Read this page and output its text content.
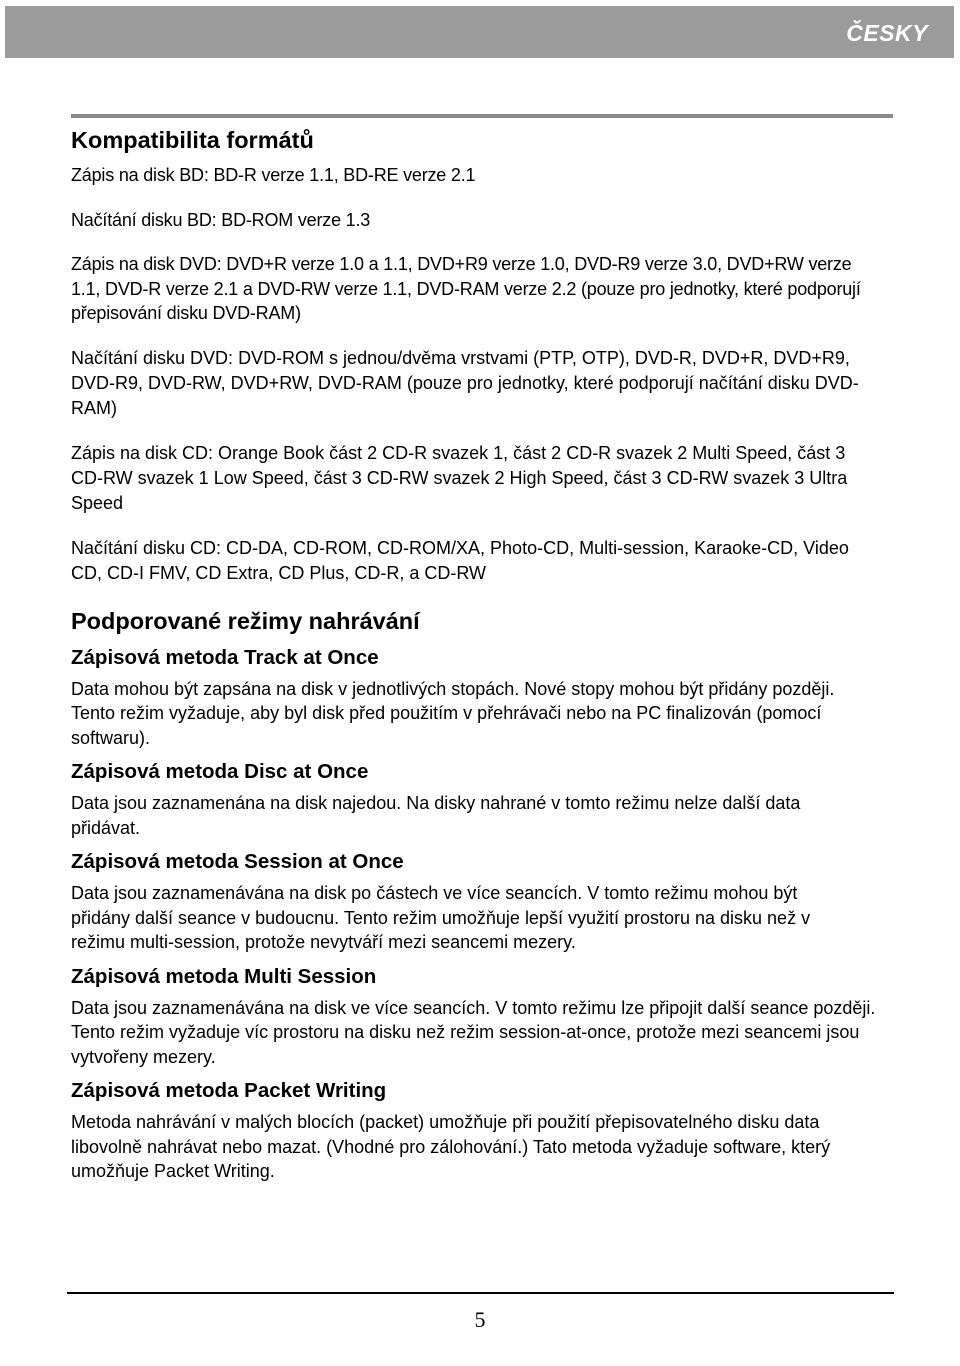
ČESKY
Kompatibilita formátů

Zápis na disk BD: BD-R verze 1.1, BD-RE verze 2.1

Načítání disku BD: BD-ROM verze 1.3

Zápis na disk DVD: DVD+R verze 1.0 a 1.1, DVD+R9 verze 1.0, DVD-R9 verze 3.0, DVD+RW verze 1.1, DVD-R verze 2.1 a DVD-RW verze 1.1, DVD-RAM verze 2.2 (pouze pro jednotky, které podporují přepisování disku DVD-RAM)

Načítání disku DVD: DVD-ROM s jednou/dvěma vrstvami (PTP, OTP), DVD-R, DVD+R, DVD+R9, DVD-R9, DVD-RW, DVD+RW, DVD-RAM (pouze pro jednotky, které podporují načítání disku DVD-RAM)

Zápis na disk CD: Orange Book část 2 CD-R svazek 1, část 2 CD-R svazek 2 Multi Speed, část 3 CD-RW svazek 1 Low Speed, část 3 CD-RW svazek 2 High Speed, část 3 CD-RW svazek 3 Ultra Speed

Načítání disku CD: CD-DA, CD-ROM, CD-ROM/XA, Photo-CD, Multi-session, Karaoke-CD, Video CD, CD-I FMV, CD Extra, CD Plus, CD-R, a CD-RW

Podporované režimy nahrávání
Zápisová metoda Track at Once

Data mohou být zapsána na disk v jednotlivých stopách. Nové stopy mohou být přidány později. Tento režim vyžaduje, aby byl disk před použitím v přehrávači nebo na PC finalizován (pomocí softwaru).

Zápisová metoda Disc at Once

Data jsou zaznamenána na disk najedou. Na disky nahrané v tomto režimu nelze další data přidávat.

Zápisová metoda Session at Once

Data jsou zaznamenávána na disk po částech ve více seancích. V tomto režimu mohou být přidány další seance v budoucnu. Tento režim umožňuje lepší využití prostoru na disku než v režimu multi-session, protože nevytváří mezi seancemi mezery.

Zápisová metoda Multi Session

Data jsou zaznamenávána na disk ve více seancích. V tomto režimu lze připojit další seance později. Tento režim vyžaduje víc prostoru na disku než režim session-at-once, protože mezi seancemi jsou vytvořeny mezery.

Zápisová metoda Packet Writing

Metoda nahrávání v malých blocích (packet) umožňuje při použití přepisovatelného disku data libovolně nahrávat nebo mazat. (Vhodné pro zálohování.) Tato metoda vyžaduje software, který umožňuje Packet Writing.

5
